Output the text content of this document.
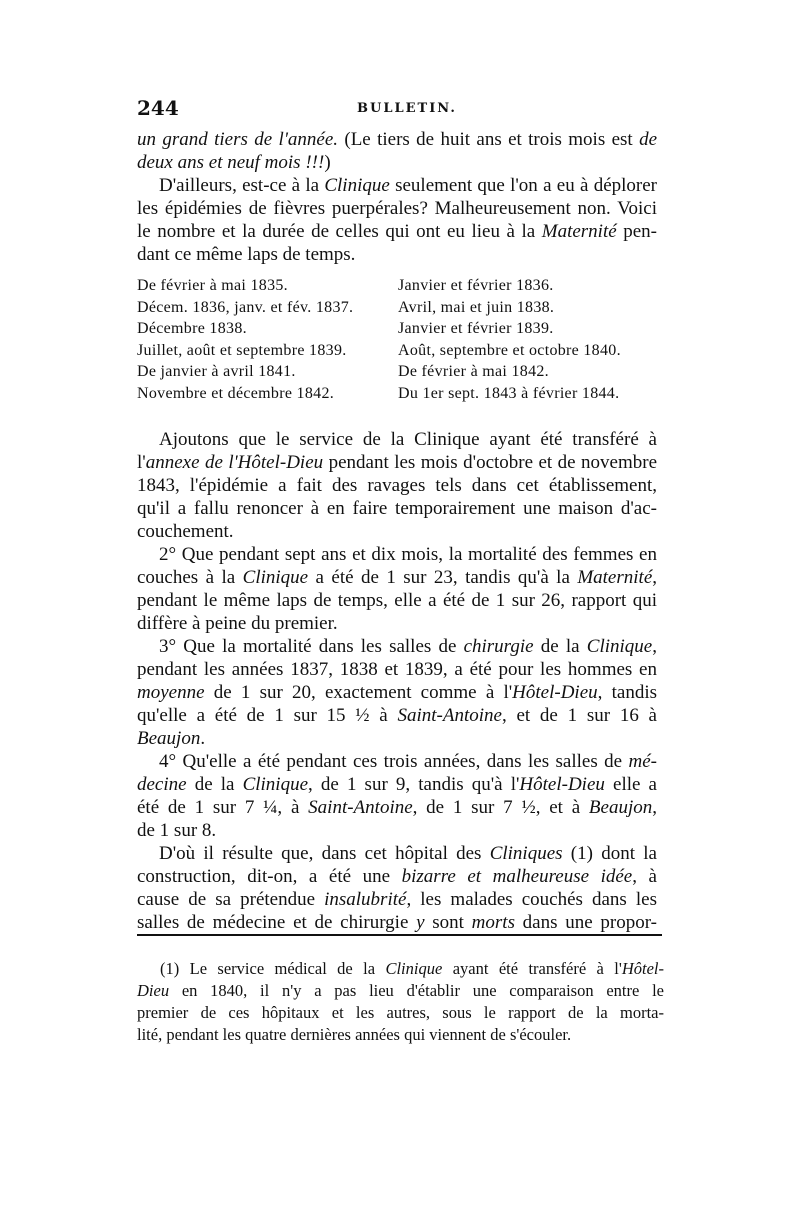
244	BULLETIN.
un grand tiers de l'année. (Le tiers de huit ans et trois mois est de
deux ans et neuf mois !!!)
D'ailleurs, est-ce à la Clinique seulement que l'on a eu à déplorer
les épidémies de fièvres puerpérales? Malheureusement non. Voici
le nombre et la durée de celles qui ont eu lieu à la Maternité pen-
dant ce même laps de temps.
Ajoutons que le service de la Clinique ayant été transféré à
l'annexe de l'Hôtel-Dieu pendant les mois d'octobre et de novembre
1843, l'épidémie a fait des ravages tels dans cet établissement,
qu'il a fallu renoncer à en faire temporairement une maison d'ac-
couchement.
2° Que pendant sept ans et dix mois, la mortalité des femmes en
couches à la Clinique a été de 1 sur 23, tandis qu'à la Maternité,
pendant le même laps de temps, elle a été de 1 sur 26, rapport qui
diffère à peine du premier.
3° Que la mortalité dans les salles de chirurgie de la Clinique,
pendant les années 1837, 1838 et 1839, a été pour les hommes en
moyenne de 1 sur 20, exactement comme à l'Hôtel-Dieu, tandis
qu'elle a été de 1 sur 15 ½ à Saint-Antoine, et de 1 sur 16 à
Beaujon.
4° Qu'elle a été pendant ces trois années, dans les salles de mé-
decine de la Clinique, de 1 sur 9, tandis qu'à l'Hôtel-Dieu elle a
été de 1 sur 7 ¼, à Saint-Antoine, de 1 sur 7 ½, et à Beaujon,
de 1 sur 8.
D'où il résulte que, dans cet hôpital des Cliniques (1) dont la
construction, dit-on, a été une bizarre et malheureuse idée, à
cause de sa prétendue insalubrité, les malades couchés dans les
salles de médecine et de chirurgie y sont morts dans une propor-
De février à mai 1835.	Janvier et février 1836.
Décem. 1836, janv. et fév. 1837.	Avril, mai et juin 1838.
Décembre 1838.	Janvier et février 1839.
Juillet, août et septembre 1839.	Août, septembre et octobre 1840.
De janvier à avril 1841.	De février à mai 1842.
Novembre et décembre 1842.	Du 1er sept. 1843 à février 1844.
(1) Le service médical de la Clinique ayant été transféré à l'Hôtel-
Dieu en 1840, il n'y a pas lieu d'établir une comparaison entre le
premier de ces hôpitaux et les autres, sous le rapport de la morta-
lité, pendant les quatre dernières années qui viennent de s'écouler.
